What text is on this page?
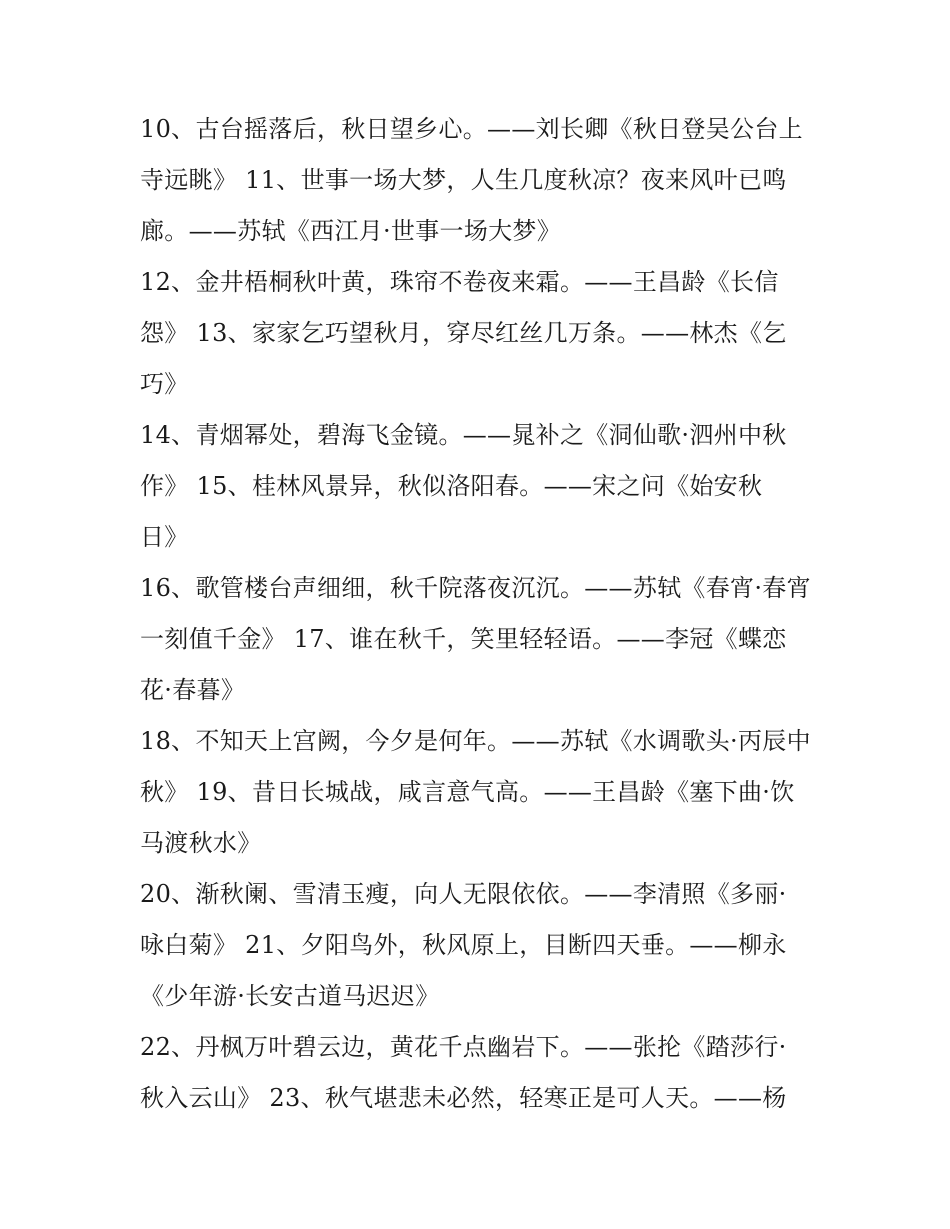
10、古台摇落后，秋日望乡心。——刘长卿《秋日登吴公台上
寺远眺》 11、世事一场大梦，人生几度秋凉？夜来风叶已鸣
廊。——苏轼《西江月·世事一场大梦》
12、金井梧桐秋叶黄，珠帘不卷夜来霜。——王昌龄《长信
怨》 13、家家乞巧望秋月，穿尽红丝几万条。——林杰《乞
巧》
14、青烟幂处，碧海飞金镜。——晁补之《洞仙歌·泗州中秋
作》 15、桂林风景异，秋似洛阳春。——宋之问《始安秋
日》
16、歌管楼台声细细，秋千院落夜沉沉。——苏轼《春宵·春宵
一刻值千金》 17、谁在秋千，笑里轻轻语。——李冠《蝶恋
花·春暮》
18、不知天上宫阙，今夕是何年。——苏轼《水调歌头·丙辰中
秋》 19、昔日长城战，咸言意气高。——王昌龄《塞下曲·饮
马渡秋水》
20、渐秋阑、雪清玉瘦，向人无限依依。——李清照《多丽·
咏白菊》 21、夕阳鸟外，秋风原上，目断四天垂。——柳永
《少年游·长安古道马迟迟》
22、丹枫万叶碧云边，黄花千点幽岩下。——张抡《踏莎行·
秋入云山》 23、秋气堪悲未必然，轻寒正是可人天。——杨
